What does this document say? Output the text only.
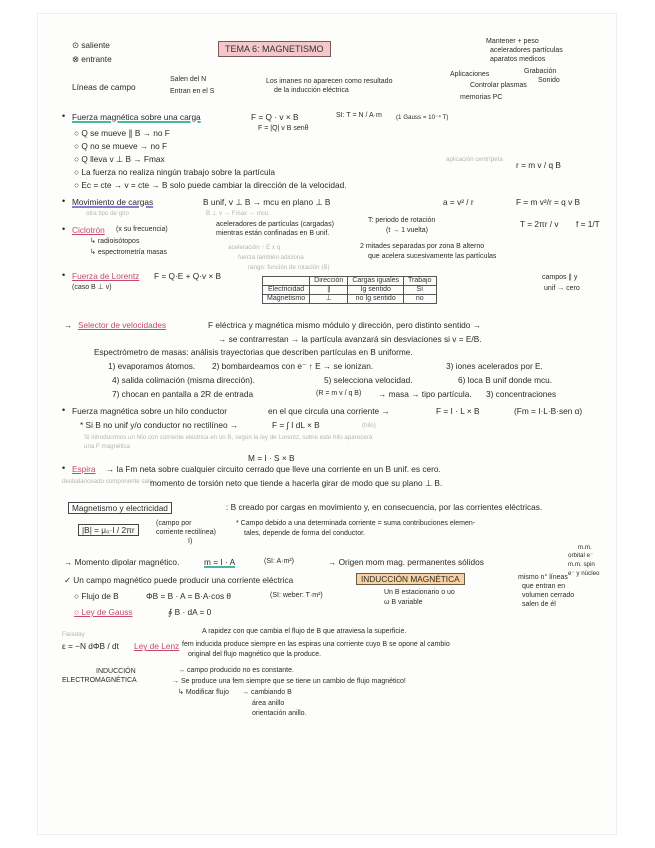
⊙ saliente
⊗ entrante
TEMA 6: MAGNETISMO
Mantener + peso
aceleradores partículas
aparatos medicos
Aplicaciones	Grabación
Sonido
Controlar plasmas
memorias PC
Líneas de campo
Salen del N
Entran en el S
Los imanes no aparecen como resultado
de la inducción eléctrica
• Fuerza magnética sobre una carga	F = Q · v × B
F = |Q| v B senθ
SI: T = N / A·m (1 Gauss = 10⁻⁴ T)
○ Q se mueve ∥ B → no F
○ Q no se mueve → no F
○ Q lleva v ⊥ B → Fmax
○ La fuerza no realiza ningún trabajo sobre la partícula
○ Ec = cte → v = cte → B solo puede cambiar la dirección de la velocidad.
aplicación centrípeta
r = m v / q B
• Movimiento de cargas	B unif, v ⊥ B → mcu en plano ⊥ B
otra tipo de giro	B ⊥ v → Fmax → mcu
a = v² / r	F = m v²/r = q v B
T: periodo de rotación
(t → 1 vuelta)
T = 2πr / v f = 1/T
• Ciclotrón (x su frecuencia)
aceleradores de partículas (cargadas)
mientras están confinadas en B unif.
↳ radioisótopos
↳ espectrometría masas
2 mitades separadas por zona B alterno
que acelera sucesivamente las partículas
aceleración ↑ E x q
fuerza también adiciona
rango: función de rotación (B)
• Fuerza de Lorentz F = Q·E + Q·v × B
(caso B ⊥ v)
	Dirección	Cargas iguales	Trabajo
Electricidad	∥	Ig sentido	Sí
Magnetismo	⊥	no Ig sentido	no
campos ∥ y
unif → cero
→ Selector de velocidades	F eléctrica y magnética mismo módulo y dirección, pero distinto sentido →
→ se contrarrestan → la partícula avanzará sin desviaciones si v = E/B.
Espectrómetro de masas: análisis trayectorias que describen partículas en B uniforme.
1) evaporamos átomos. 2) bombardeamos con e⁻ ↑ E → se ionizan.	3) iones acelerados por E.
4) salida colimación (misma dirección).	5) selecciona velocidad.	6) loca B unif donde mcu.
7) chocan en pantalla a 2R de entrada	(R = m v / q B) → masa → tipo partícula. 3) concentraciones
• Fuerza magnética sobre un hilo conductor	en el que circula una corriente →	F = I · L × B	(Fm = I·L·B·sen α)
* Si B no unif y/o conductor no rectilíneo →	F = ∫ I dL × B	(hilo)
Si introducimos un hilo con corriente eléctrica en un B, según la ley de Lorentz, sobre este hilo aparecerá
una F magnética
• Espira → la Fm neta sobre cualquier circuito cerrado que lleve una corriente en un B unif. es cero.
desbalanceado componente sale
momento de torsión neto que tiende a hacerla girar de modo que su plano ⊥ B.
M = I · S × B
Magnetismo y electricidad	: B creado por cargas en movimiento y, en consecuencia, por las corrientes eléctricas.
|B| = μ₀·I / 2πr
(campo por
corriente rectilínea)
I)
* Campo debido a una determinada corriente = suma contribuciones elemen-
tales, depende de forma del conductor.
→ Momento dipolar magnético.	m = I · A	(SI: A·m²)	→ Origen mom mag. permanentes sólidos
m.m.
orbital e⁻
m.m. spin
e⁻ y núcleo
✓ Un campo magnético puede producir una corriente eléctrica	INDUCCIÓN MAGNÉTICA	mismo n° líneas
que entran en
volumen cerrado
salen de él
○ Flujo de B	ΦB = B · A = B·A·cos θ	(SI: weber: T·m²)	Un B estacionario o uo
ω B variable
○ Ley de Gauss	∮ B · dA = 0
A rapidez con que cambia el flujo de B que atraviesa la superficie.
Faraday
ε = −N dΦB / dt Ley de Lenz fem inducida produce siempre en las espiras una corriente cuyo B se opone al cambio
original del flujo magnético que la produce.
INDUCCIÓN
ELECTROMAGNÉTICA
→ campo producido no es constante.
→ Se produce una fem siempre que se tiene un cambio de flujo magnético!
↳ Modificar flujo → cambiando B
área anillo
orientación anillo.
